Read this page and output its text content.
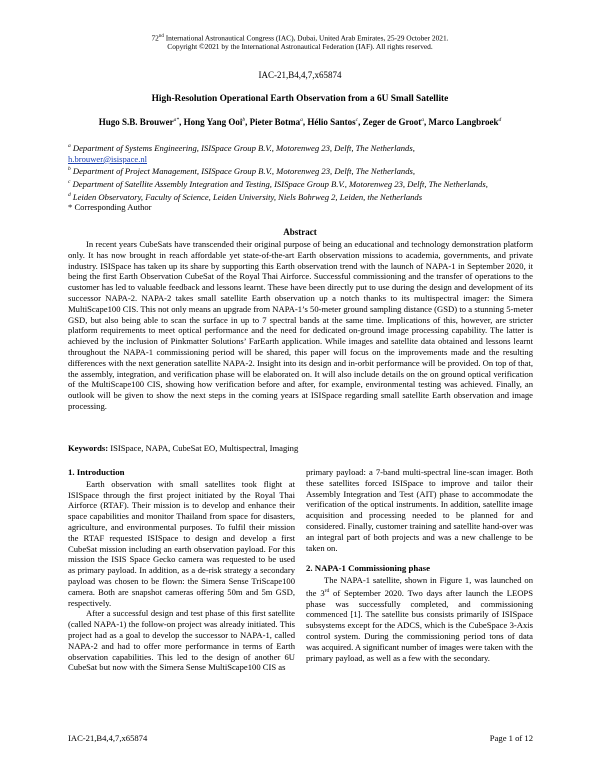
72nd International Astronautical Congress (IAC), Dubai, United Arab Emirates, 25-29 October 2021.
Copyright ©2021 by the International Astronautical Federation (IAF). All rights reserved.
IAC-21,B4,4,7,x65874
High-Resolution Operational Earth Observation from a 6U Small Satellite
Hugo S.B. Brouwer$^{a*}$, Hong Yang Ooi$^b$, Pieter Botma$^a$, Hélio Santos$^c$, Zeger de Groot$^a$, Marco Langbroek$^d$

$^a$ Department of Systems Engineering, ISISpace Group B.V., Motorenweg 23, Delft, The Netherlands,
h.brouwer@isispace.nl

$^b$ Department of Project Management, ISISpace Group B.V., Motorenweg 23, Delft, The Netherlands,

$^c$ Department of Satellite Assembly Integration and Testing, ISISpace Group B.V., Motorenweg 23, Delft, The Netherlands,

$^d$ Leiden Observatory, Faculty of Science, Leiden University, Niels Bohrweg 2, Leiden, the Netherlands

* Corresponding Author

Abstract

In recent years CubeSats have transcended their original purpose of being an educational and technology demonstration platform only. It has now brought in reach affordable yet state-of-the-art Earth observation missions to academia, governments, and private industry. ISISpace has taken up its share by supporting this Earth observation trend with the launch of NAPA-1 in September 2020, it being the first Earth Observation CubeSat of the Royal Thai Airforce. Successful commissioning and the transfer of operations to the customer has led to valuable feedback and lessons learnt. These have been directly put to use during the design and development of its successor NAPA-2. NAPA-2 takes small satellite Earth observation up a notch thanks to its multispectral imager: the Simera MultiScape100 CIS. This not only means an upgrade from NAPA-1’s 50-meter ground sampling distance (GSD) to a stunning 5-meter GSD, but also being able to scan the surface in up to 7 spectral bands at the same time. Implications of this, however, are stricter platform requirements to meet optical performance and the need for dedicated on-ground image processing capability. The latter is achieved by the inclusion of Pinkmatter Solutions’ FarEarth application. While images and satellite data obtained and lessons learnt throughout the NAPA-1 commissioning period will be shared, this paper will focus on the improvements made and the resulting differences with the next generation satellite NAPA-2. Insight into its design and in-orbit performance will be provided. On top of that, the assembly, integration, and verification phase will be elaborated on. It will also include details on the on ground optical verification of the MultiScape100 CIS, showing how verification before and after, for example, environmental testing was achieved. Finally, an outlook will be given to show the next steps in the coming years at ISISpace regarding small satellite Earth observation and image processing.

Keywords: ISISpace, NAPA, CubeSat EO, Multispectral, Imaging
1. Introduction

Earth observation with small satellites took flight at ISISpace through the first project initiated by the Royal Thai Airforce (RTAF). Their mission is to develop and enhance their space capabilities and monitor Thailand from space for disasters, agriculture, and environmental purposes. To fulfil their mission the RTAF requested ISISpace to design and develop a first CubeSat mission including an earth observation payload. For this mission the ISIS Space Gecko camera was requested to be used as primary payload. In addition, as a de-risk strategy a secondary payload was chosen to be flown: the Simera Sense TriScape100 camera. Both are snapshot cameras offering 50m and 5m GSD, respectively.

After a successful design and test phase of this first satellite (called NAPA-1) the follow-on project was already initiated. This project had as a goal to develop the successor to NAPA-1, called NAPA-2 and had to offer more performance in terms of Earth observation capabilities. This led to the design of another 6U CubeSat but now with the Simera Sense MultiScape100 CIS as

primary payload: a 7-band multi-spectral line-scan imager. Both these satellites forced ISISpace to improve and tailor their Assembly Integration and Test (AIT) phase to accommodate the verification of the optical instruments. In addition, satellite image acquisition and processing needed to be planned for and considered. Finally, customer training and satellite hand-over was an integral part of both projects and was a new challenge to be taken on.

2. NAPA-1 Commissioning phase

The NAPA-1 satellite, shown in Figure 1, was launched on the 3rd of September 2020. Two days after launch the LEOPS phase was successfully completed, and commissioning commenced [1]. The satellite bus consists primarily of ISISpace subsystems except for the ADCS, which is the CubeSpace 3-Axis control system. During the commissioning period tons of data was acquired. A significant number of images were taken with the primary payload, as well as a few with the secondary.

IAC-21,B4,4,7,x65874	Page 1 of 12
